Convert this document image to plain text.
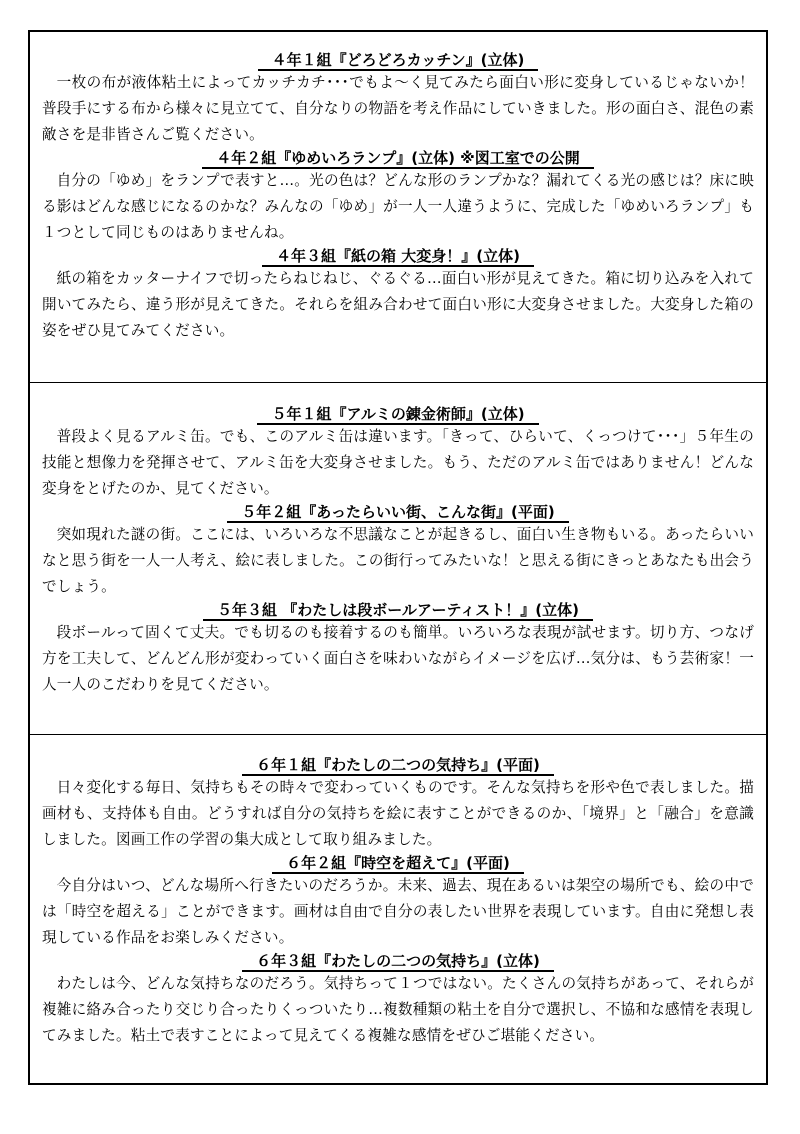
４年１組『どろどろカッチン』(立体)

一枚の布が液体粘土によってカッチカチ･･･でもよ～く見てみたら面白い形に変身しているじゃないか！普段手にする布から様々に見立てて、自分なりの物語を考え作品にしていきました。形の面白さ、混色の素敵さを是非皆さんご覧ください。

４年２組『ゆめいろランプ』(立体) ※図工室での公開

自分の「ゆめ」をランプで表すと…。光の色は？どんな形のランプかな？漏れてくる光の感じは？床に映る影はどんな感じになるのかな？みんなの「ゆめ」が一人一人違うように、完成した「ゆめいろランプ」も１つとして同じものはありませんね。

４年３組『紙の箱 大変身！』(立体)

紙の箱をカッターナイフで切ったらねじねじ、ぐるぐる…面白い形が見えてきた。箱に切り込みを入れて開いてみたら、違う形が見えてきた。それらを組み合わせて面白い形に大変身させました。大変身した箱の姿をぜひ見てみてください。

５年１組『アルミの錬金術師』(立体)

普段よく見るアルミ缶。でも、このアルミ缶は違います。「きって、ひらいて、くっつけて･･･」５年生の技能と想像力を発揮させて、アルミ缶を大変身させました。もう、ただのアルミ缶ではありません！どんな変身をとげたのか、見てください。

５年２組『あったらいい街、こんな街』(平面)

突如現れた謎の街。ここには、いろいろな不思議なことが起きるし、面白い生き物もいる。あったらいいなと思う街を一人一人考え、絵に表しました。この街行ってみたいな！と思える街にきっとあなたも出会うでしょう。

５年３組 『わたしは段ボールアーティスト！』(立体)

段ボールって固くて丈夫。でも切るのも接着するのも簡単。いろいろな表現が試せます。切り方、つなげ方を工夫して、どんどん形が変わっていく面白さを味わいながらイメージを広げ…気分は、もう芸術家！一人一人のこだわりを見てください。

６年１組『わたしの二つの気持ち』(平面)

日々変化する毎日、気持ちもその時々で変わっていくものです。そんな気持ちを形や色で表しました。描画材も、支持体も自由。どうすれば自分の気持ちを絵に表すことができるのか、「境界」と「融合」を意識しました。図画工作の学習の集大成として取り組みました。

６年２組『時空を超えて』(平面)

今自分はいつ、どんな場所へ行きたいのだろうか。未来、過去、現在あるいは架空の場所でも、絵の中では「時空を超える」ことができます。画材は自由で自分の表したい世界を表現しています。自由に発想し表現している作品をお楽しみください。

６年３組『わたしの二つの気持ち』(立体)

わたしは今、どんな気持ちなのだろう。気持ちって１つではない。たくさんの気持ちがあって、それらが複雑に絡み合ったり交じり合ったりくっついたり…複数種類の粘土を自分で選択し、不協和な感情を表現してみました。粘土で表すことによって見えてくる複雑な感情をぜひご堪能ください。
